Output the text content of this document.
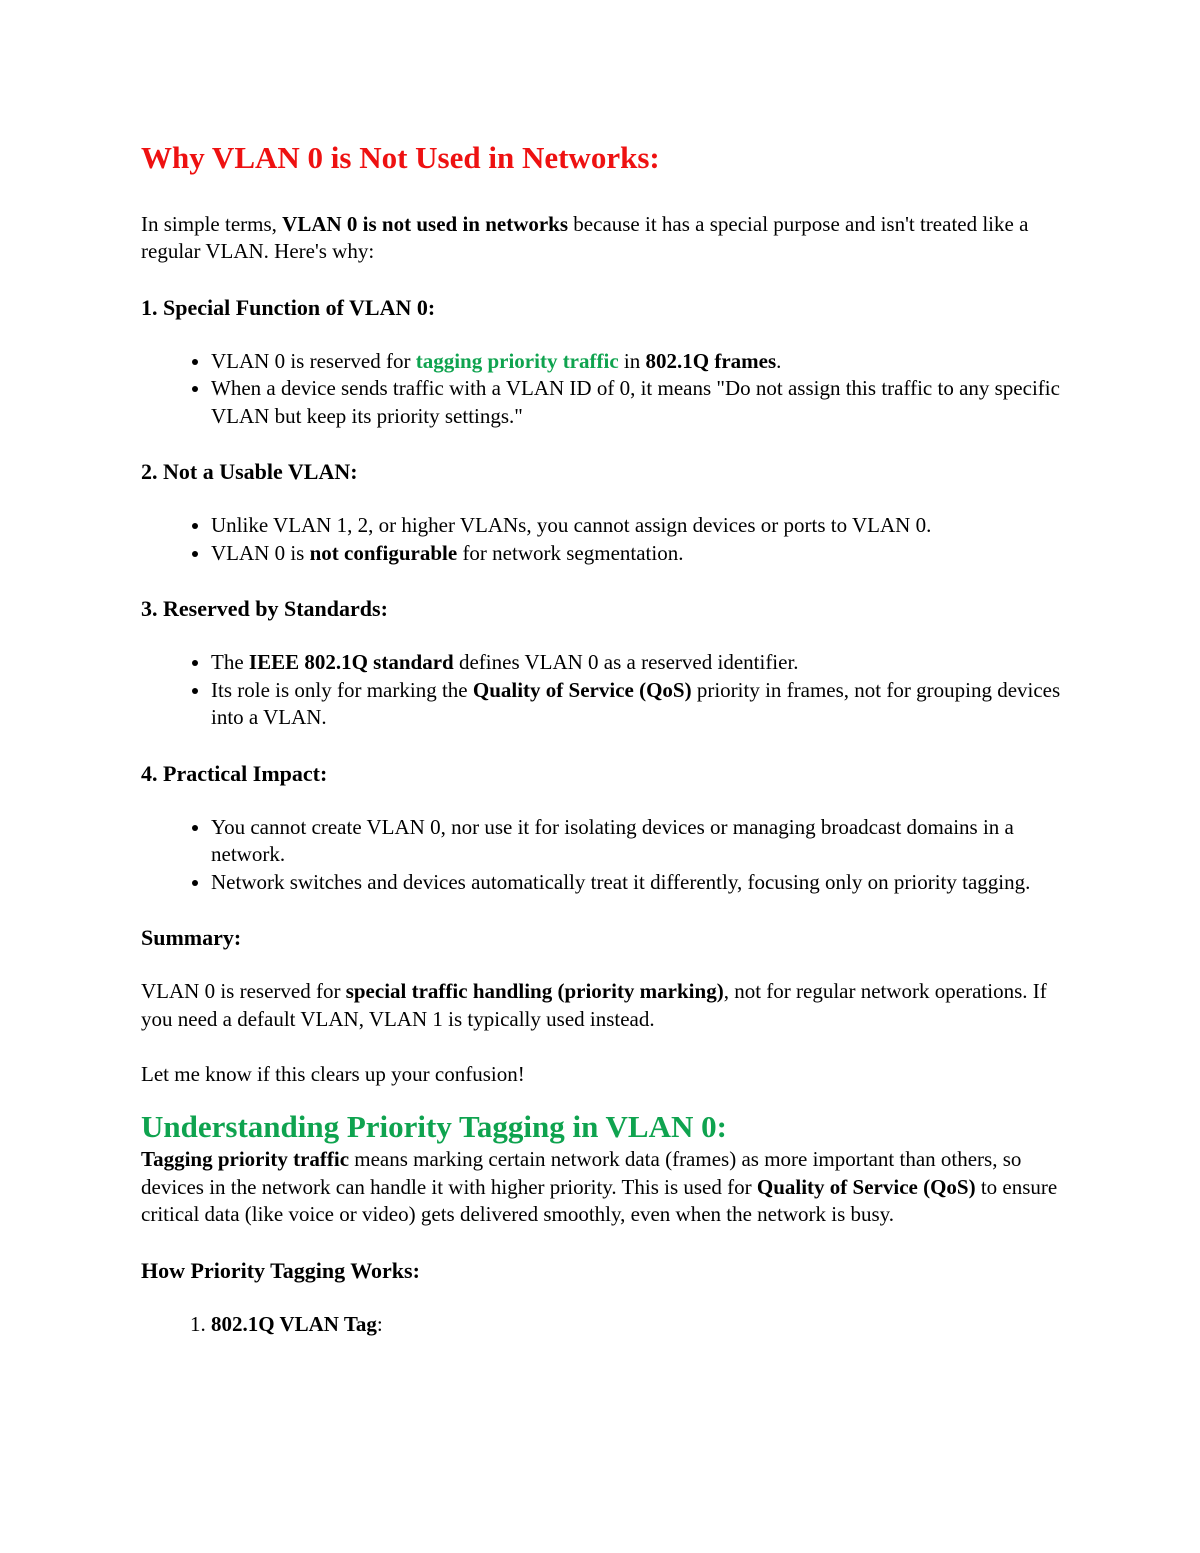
Why VLAN 0 is Not Used in Networks:

In simple terms, VLAN 0 is not used in networks because it has a special purpose and isn't treated like a regular VLAN. Here's why:

1. Special Function of VLAN 0:
• VLAN 0 is reserved for tagging priority traffic in 802.1Q frames.
• When a device sends traffic with a VLAN ID of 0, it means "Do not assign this traffic to any specific VLAN but keep its priority settings."
2. Not a Usable VLAN:
• Unlike VLAN 1, 2, or higher VLANs, you cannot assign devices or ports to VLAN 0.
• VLAN 0 is not configurable for network segmentation.
3. Reserved by Standards:
• The IEEE 802.1Q standard defines VLAN 0 as a reserved identifier.
• Its role is only for marking the Quality of Service (QoS) priority in frames, not for grouping devices into a VLAN.
4. Practical Impact:
• You cannot create VLAN 0, nor use it for isolating devices or managing broadcast domains in a network.
• Network switches and devices automatically treat it differently, focusing only on priority tagging.
Summary:

VLAN 0 is reserved for special traffic handling (priority marking), not for regular network operations. If you need a default VLAN, VLAN 1 is typically used instead.

Let me know if this clears up your confusion!

Understanding Priority Tagging in VLAN 0:

Tagging priority traffic means marking certain network data (frames) as more important than others, so devices in the network can handle it with higher priority. This is used for Quality of Service (QoS) to ensure critical data (like voice or video) gets delivered smoothly, even when the network is busy.

How Priority Tagging Works:
1. 802.1Q VLAN Tag:
